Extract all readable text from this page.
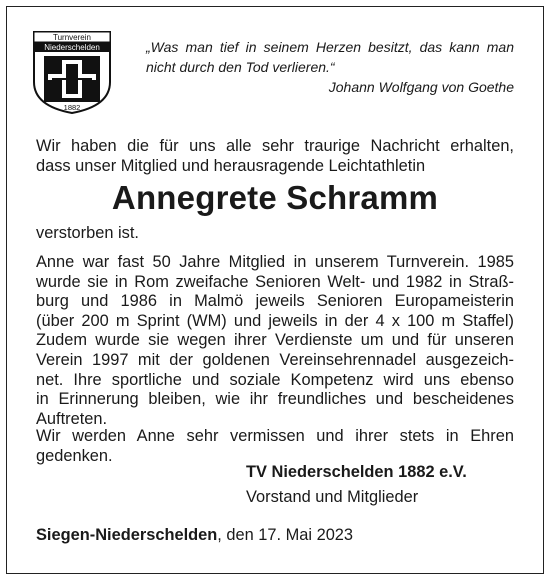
Turnverein
Niederschelden
1882
„Was man tief in seinem Herzen besitzt, das kann man nicht durch den Tod verlieren.“
Johann Wolfgang von Goethe
Wir haben die für uns alle sehr traurige Nachricht erhalten,
dass unser Mitglied und herausragende Leichtathletin
Annegrete Schramm
verstorben ist.
Anne war fast 50 Jahre Mitglied in unserem Turnverein. 1985
wurde sie in Rom zweifache Senioren Welt- und 1982 in Straß-
burg und 1986 in Malmö jeweils Senioren Europameisterin
(über 200 m Sprint (WM) und jeweils in der 4 x 100 m Staffel)
Zudem wurde sie wegen ihrer Verdienste um und für unseren
Verein 1997 mit der goldenen Vereinsehrennadel ausgezeich-
net. Ihre sportliche und soziale Kompetenz wird uns ebenso
in Erinnerung bleiben, wie ihr freundliches und bescheidenes
Auftreten.
Wir werden Anne sehr vermissen und ihrer stets in Ehren
gedenken.
TV Niederschelden 1882 e.V.
Vorstand und Mitglieder
Siegen-Niederschelden, den 17. Mai 2023
